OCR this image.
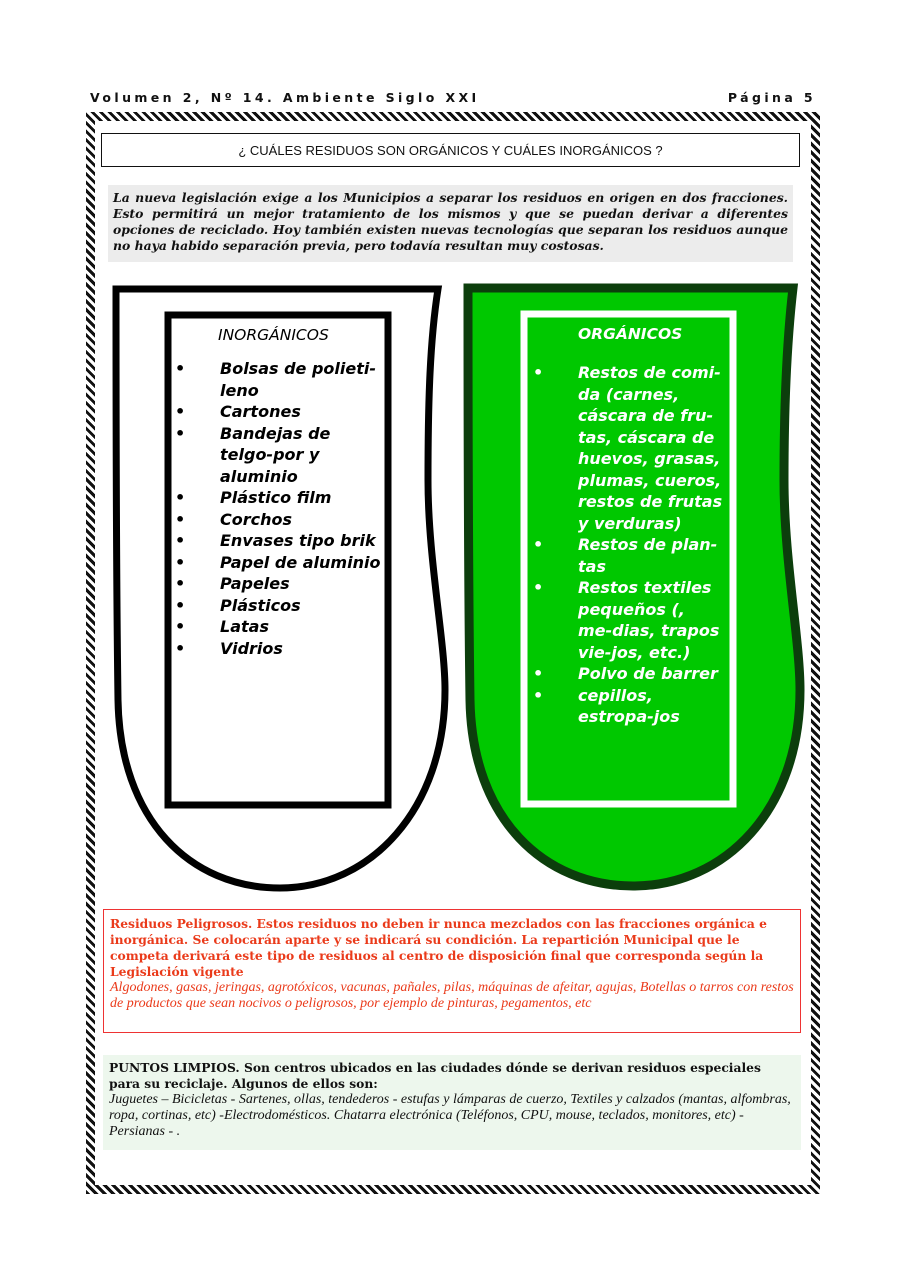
Volumen 2, Nº 14. Ambiente Siglo XXI	Página 5
¿ CUÁLES RESIDUOS SON ORGÁNICOS Y CUÁLES INORGÁNICOS ?
La nueva legislación exige a los Municipios a separar los residuos en origen en dos fracciones. Esto permitirá un mejor tratamiento de los mismos y que se puedan derivar a diferentes opciones de reciclado. Hoy también existen nuevas tecnologías que separan los residuos aunque no haya habido separación previa, pero todavía resultan muy costosas.
INORGÁNICOS
• Bolsas de polieti-leno
• Cartones
• Bandejas de telgo-por y aluminio
• Plástico film
• Corchos
• Envases tipo brik
• Papel de aluminio
• Papeles
• Plásticos
• Latas
• Vidrios
ORGÁNICOS
• Restos de comi-da (carnes, cáscara de fru-tas, cáscara de huevos, grasas, plumas, cueros, restos de frutas y verduras)
• Restos de plan-tas
• Restos textiles pequeños (, me-dias, trapos vie-jos, etc.)
• Polvo de barrer
• cepillos, estropa-jos
Residuos Peligrosos. Estos residuos no deben ir nunca mezclados con las fracciones orgánica e inorgánica. Se colocarán aparte y se indicará su condición. La repartición Municipal que le competa derivará este tipo de residuos al centro de disposición final que corresponda según la Legislación vigente
Algodones, gasas, jeringas, agrotóxicos, vacunas, pañales, pilas, máquinas de afeitar, agujas, Botellas o tarros con restos de productos que sean nocivos o peligrosos, por ejemplo de pinturas, pegamentos, etc
PUNTOS LIMPIOS. Son centros ubicados en las ciudades dónde se derivan residuos especiales para su reciclaje. Algunos de ellos son:
Juguetes – Bicicletas - Sartenes, ollas, tendederos - estufas y lámparas de cuerzo, Textiles y calzados (mantas, alfombras, ropa, cortinas, etc) -Electrodomésticos. Chatarra electrónica (Teléfonos, CPU, mouse, teclados, monitores, etc) -Persianas - .
